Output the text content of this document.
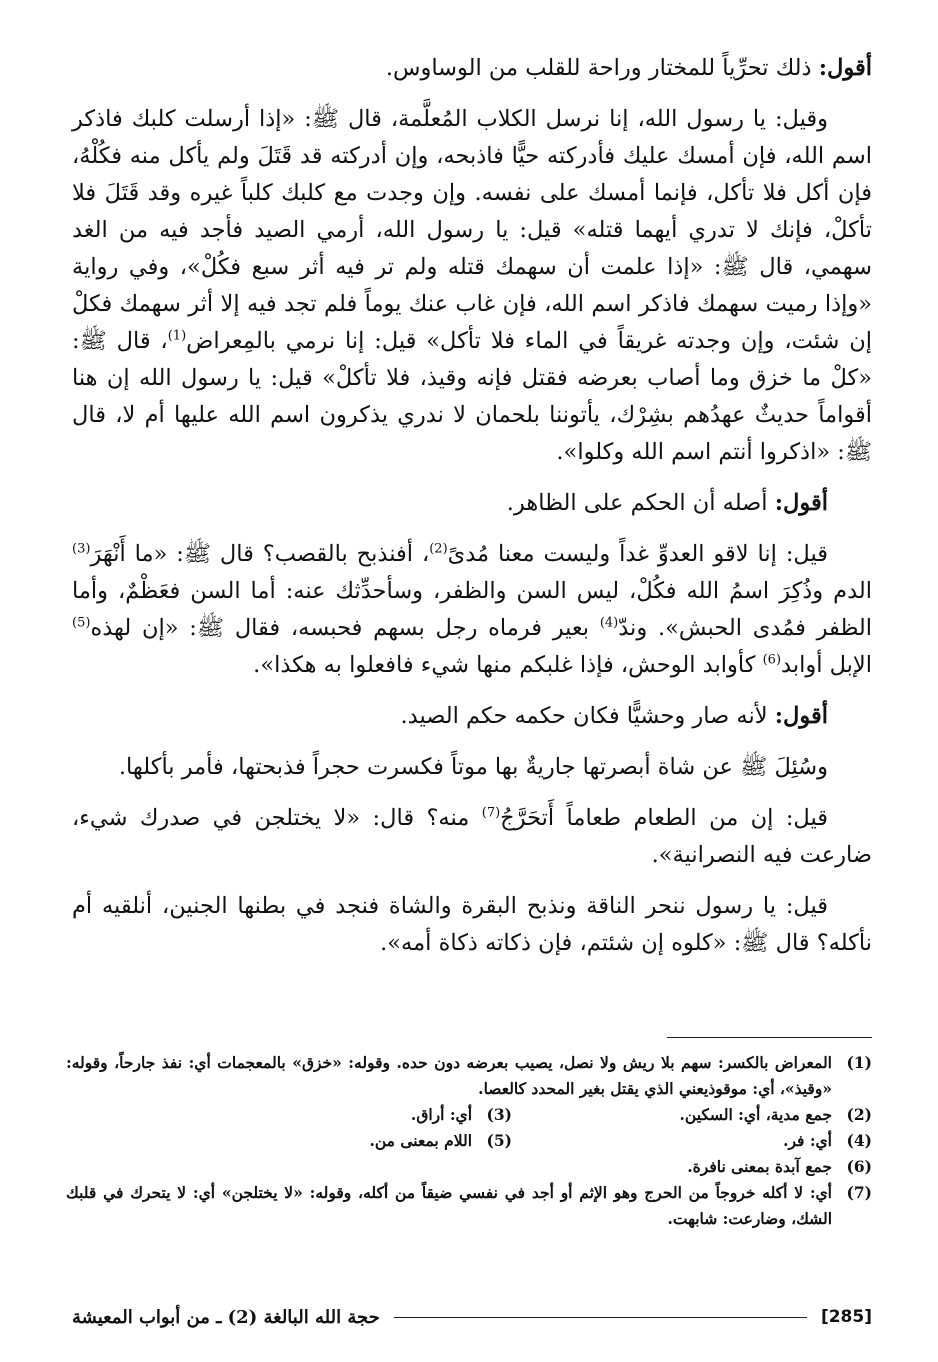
أقول: ذلك تحرِّياً للمختار وراحة للقلب من الوساوس.

وقيل: يا رسول الله، إنا نرسل الكلاب المُعلَّمة، قال ﷺ: «إذا أرسلت كلبك فاذكر اسم الله، فإن أمسك عليك فأدركته حيًّا فاذبحه، وإن أدركته قد قَتَلَ ولم يأكل منه فكُلْهُ، فإن أكل فلا تأكل، فإنما أمسك على نفسه. وإن وجدت مع كلبك كلباً غيره وقد قَتَلَ فلا تأكلْ، فإنك لا تدري أيهما قتله» قيل: يا رسول الله، أرمي الصيد فأجد فيه من الغد سهمي، قال ﷺ: «إذا علمت أن سهمك قتله ولم تر فيه أثر سبع فكُلْ»، وفي رواية «وإذا رميت سهمك فاذكر اسم الله، فإن غاب عنك يوماً فلم تجد فيه إلا أثر سهمك فكلْ إن شئت، وإن وجدته غريقاً في الماء فلا تأكل» قيل: إنا نرمي بالمِعراض$^{(1)}$، قال ﷺ: «كلْ ما خزق وما أصاب بعرضه فقتل فإنه وقيذ، فلا تأكلْ» قيل: يا رسول الله إن هنا أقواماً حديثٌ عهدُهم بشِرْك، يأتوننا بلحمان لا ندري يذكرون اسم الله عليها أم لا، قال ﷺ: «اذكروا أنتم اسم الله وكلوا».

أقول: أصله أن الحكم على الظاهر.

قيل: إنا لاقو العدوِّ غداً وليست معنا مُدىً$^{(2)}$، أفنذبح بالقصب؟ قال ﷺ: «ما أَنْهَرَ$^{(3)}$ الدم وذُكِرَ اسمُ الله فكُلْ، ليس السن والظفر، وسأحدِّثك عنه: أما السن فعَظْمٌ، وأما الظفر فمُدى الحبش». وندّ$^{(4)}$ بعير فرماه رجل بسهم فحبسه، فقال ﷺ: «إن لهذه$^{(5)}$ الإبل أوابد$^{(6)}$ كأوابد الوحش، فإذا غلبكم منها شيء فافعلوا به هكذا».

أقول: لأنه صار وحشيًّا فكان حكمه حكم الصيد.

وسُئِلَ ﷺ عن شاة أبصرتها جاريةٌ بها موتاً فكسرت حجراً فذبحتها، فأمر بأكلها.

قيل: إن من الطعام طعاماً أَتحَرَّجُ$^{(7)}$ منه؟ قال: «لا يختلجن في صدرك شيء، ضارعت فيه النصرانية».

قيل: يا رسول ننحر الناقة ونذبح البقرة والشاة فنجد في بطنها الجنين، أنلقيه أم نأكله؟ قال ﷺ: «كلوه إن شئتم، فإن ذكاته ذكاة أمه».

(1)
المعراض بالكسر: سهم بلا ريش ولا نصل، يصيب بعرضه دون حده. وقوله: «خزق» بالمعجمات أي: نفذ جارحاً، وقوله: «وقيذ»، أي: موقوذيعني الذي يقتل بغير المحدد كالعصا.
(2)
جمع مدية، أي: السكين.
(3)
أي: أراق.
(4)
أي: فر.
(5)
اللام بمعنى من.
(6)
جمع آبدة بمعنى نافرة.
(7)
أي: لا أكله خروجاً من الحرج وهو الإثم أو أجد في نفسي ضيقاً من أكله، وقوله: «لا يختلجن» أي: لا يتحرك في قلبك الشك، وضارعت: شابهت.
[285]
حجة الله البالغة (2) ـ من أبواب المعيشة
